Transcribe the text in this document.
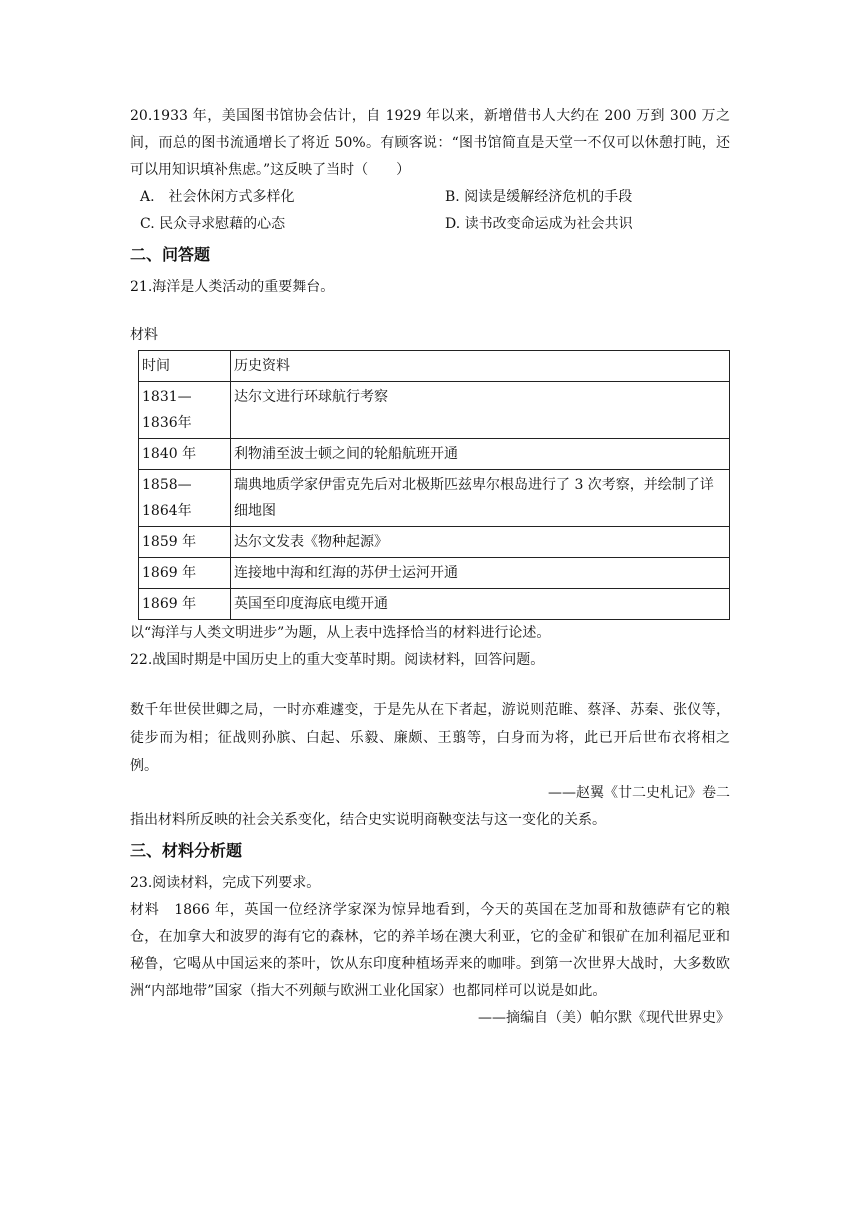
20.1933 年，美国图书馆协会估计，自 1929 年以来，新增借书人大约在 200 万到 300 万之间，而总的图书流通增长了将近 50%。有顾客说：“图书馆简直是天堂一不仅可以休憩打盹，还可以用知识填补焦虑。”这反映了当时（　　）

A.　社会休闲方式多样化	B. 阅读是缓解经济危机的手段
C. 民众寻求慰藉的心态	D. 读书改变命运成为社会共识
二、问答题

21.海洋是人类活动的重要舞台。

材料

时间	历史资料
1831—1836年	达尔文进行环球航行考察
1840 年	利物浦至波士顿之间的轮船航班开通
1858—1864年	瑞典地质学家伊雷克先后对北极斯匹兹卑尔根岛进行了 3 次考察，并绘制了详细地图
1859 年	达尔文发表《物种起源》
1869 年	连接地中海和红海的苏伊士运河开通
1869 年	英国至印度海底电缆开通

以“海洋与人类文明进步”为题，从上表中选择恰当的材料进行论述。

22.战国时期是中国历史上的重大变革时期。阅读材料，回答问题。

数千年世侯世卿之局，一时亦难遽变，于是先从在下者起，游说则范睢、蔡泽、苏秦、张仪等，徒步而为相；征战则孙膑、白起、乐毅、廉颇、王翦等，白身而为将，此已开后世布衣将相之例。

——赵翼《廿二史札记》卷二

指出材料所反映的社会关系变化，结合史实说明商鞅变法与这一变化的关系。

三、材料分析题

23.阅读材料，完成下列要求。

材料　1866 年，英国一位经济学家深为惊异地看到，今天的英国在芝加哥和敖德萨有它的粮仓，在加拿大和波罗的海有它的森林，它的养羊场在澳大利亚，它的金矿和银矿在加利福尼亚和秘鲁，它喝从中国运来的茶叶，饮从东印度种植场弄来的咖啡。到第一次世界大战时，大多数欧洲“内部地带”国家（指大不列颠与欧洲工业化国家）也都同样可以说是如此。

——摘编自（美）帕尔默《现代世界史》
